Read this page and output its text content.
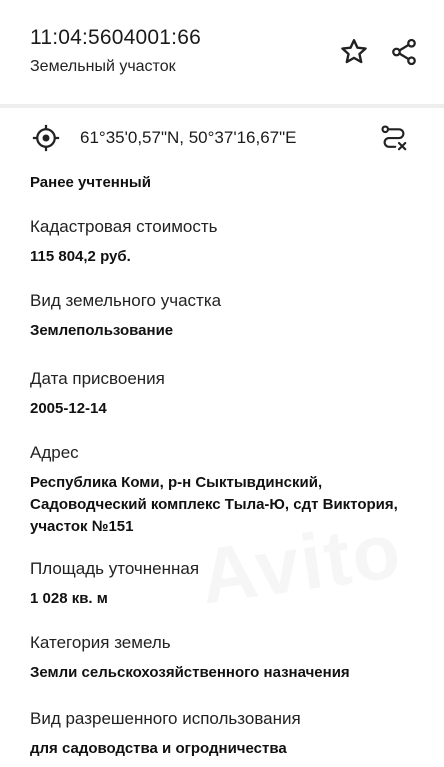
11:04:5604001:66
Земельный участок
61°35'0,57"N, 50°37'16,67"E
Ранее учтенный
Кадастровая стоимость
115 804,2 руб.
Вид земельного участка
Землепользование
Дата присвоения
2005-12-14
Адрес
Республика Коми, р-н Сыктывдинский,
Садоводческий комплекс Тыла-Ю, сдт Виктория,
участок №151
Площадь уточненная
1 028 кв. м
Категория земель
Земли сельскохозяйственного назначения
Вид разрешенного использования
для садоводства и огродничества
